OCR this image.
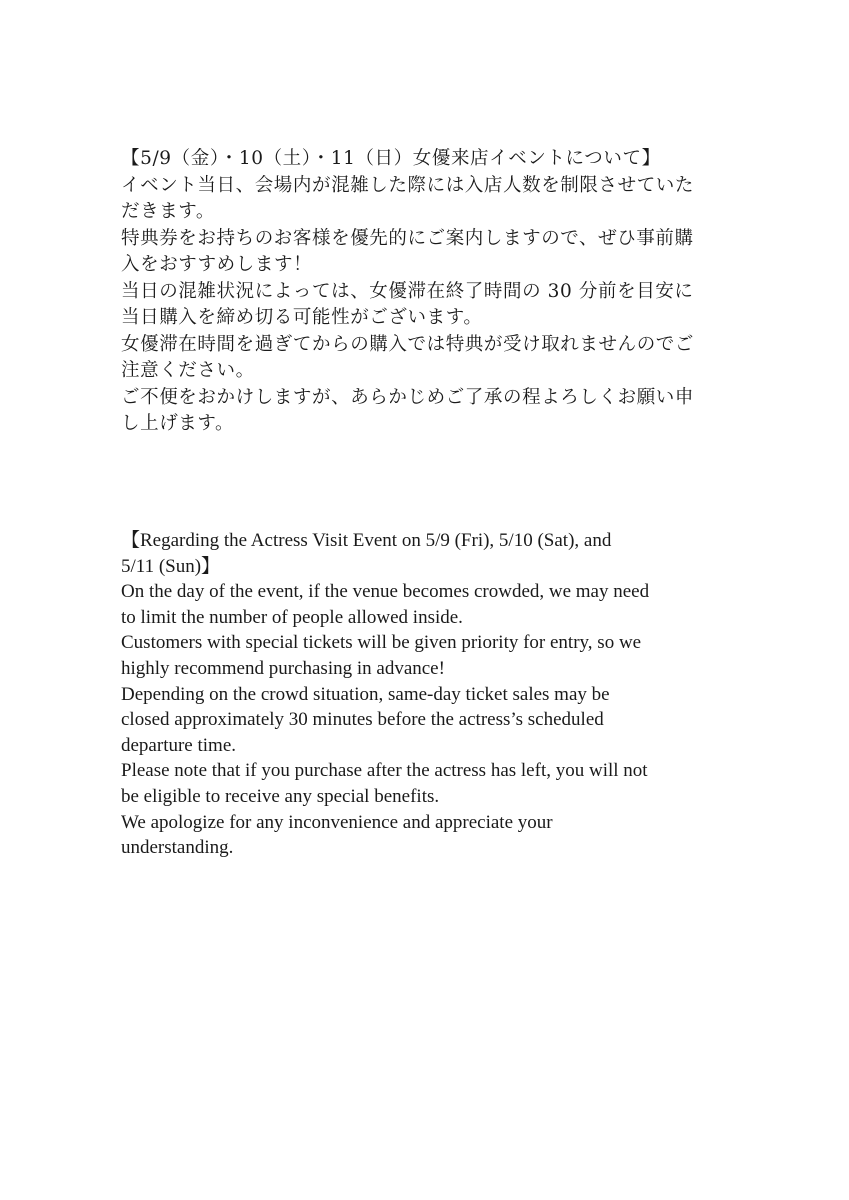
【5/9（金）・10（土）・11（日）女優来店イベントについて】
イベント当日、会場内が混雑した際には入店人数を制限させていた
だきます。
特典券をお持ちのお客様を優先的にご案内しますので、ぜひ事前購
入をおすすめします！
当日の混雑状況によっては、女優滞在終了時間の 30 分前を目安に
当日購入を締め切る可能性がございます。
女優滞在時間を過ぎてからの購入では特典が受け取れませんのでご
注意ください。
ご不便をおかけしますが、あらかじめご了承の程よろしくお願い申
し上げます。
【Regarding the Actress Visit Event on 5/9 (Fri), 5/10 (Sat), and
5/11 (Sun)】
On the day of the event, if the venue becomes crowded, we may need
to limit the number of people allowed inside.
Customers with special tickets will be given priority for entry, so we
highly recommend purchasing in advance!
Depending on the crowd situation, same-day ticket sales may be
closed approximately 30 minutes before the actress’s scheduled
departure time.
Please note that if you purchase after the actress has left, you will not
be eligible to receive any special benefits.
We apologize for any inconvenience and appreciate your
understanding.
